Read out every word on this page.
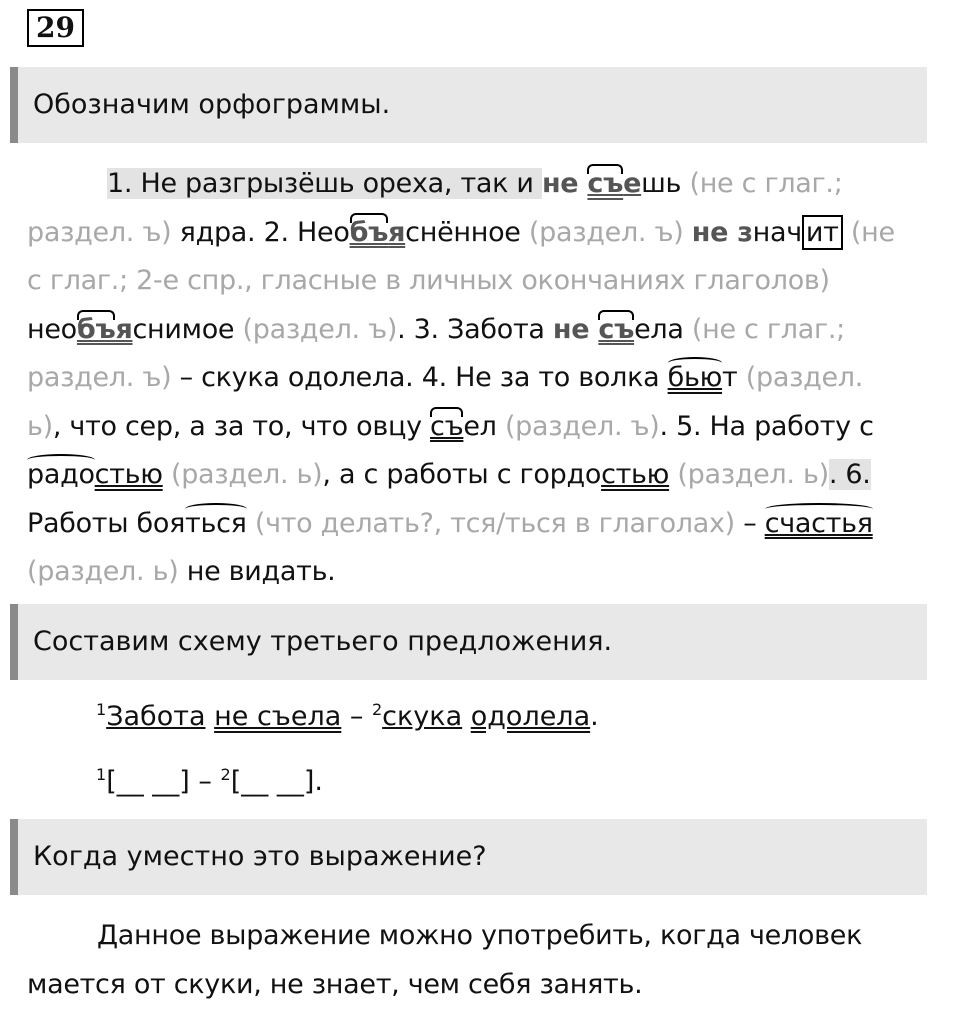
29
Обозначим орфограммы.
1. Не разгрызёшь ореха, так и не съешь (не с глаг.;
раздел. ъ) ядра. 2. Необъяснённое (раздел. ъ) не знач ит (не
с глаг.; 2-е спр., гласные в личных окончаниях глаголов)
необъяснимое (раздел. ъ). 3. Забота не съела (не с глаг.;
раздел. ъ) – скука одолела. 4. Не за то волка бьют (раздел.
ь), что сер, а за то, что овцу съел (раздел. ъ). 5. На работу с
радостью (раздел. ь), а с работы с гордостью (раздел. ь). 6.
Работы бояться (что делать?, тся/ться в глаголах) – счастья
(раздел. ь) не видать.
Составим схему третьего предложения.
$^1$Забота не съела – $^2$скука одолела.
$^1$[__ __] – $^2$[__ __].
Когда уместно это выражение?
Данное выражение можно употребить, когда человек
мается от скуки, не знает, чем себя занять.
